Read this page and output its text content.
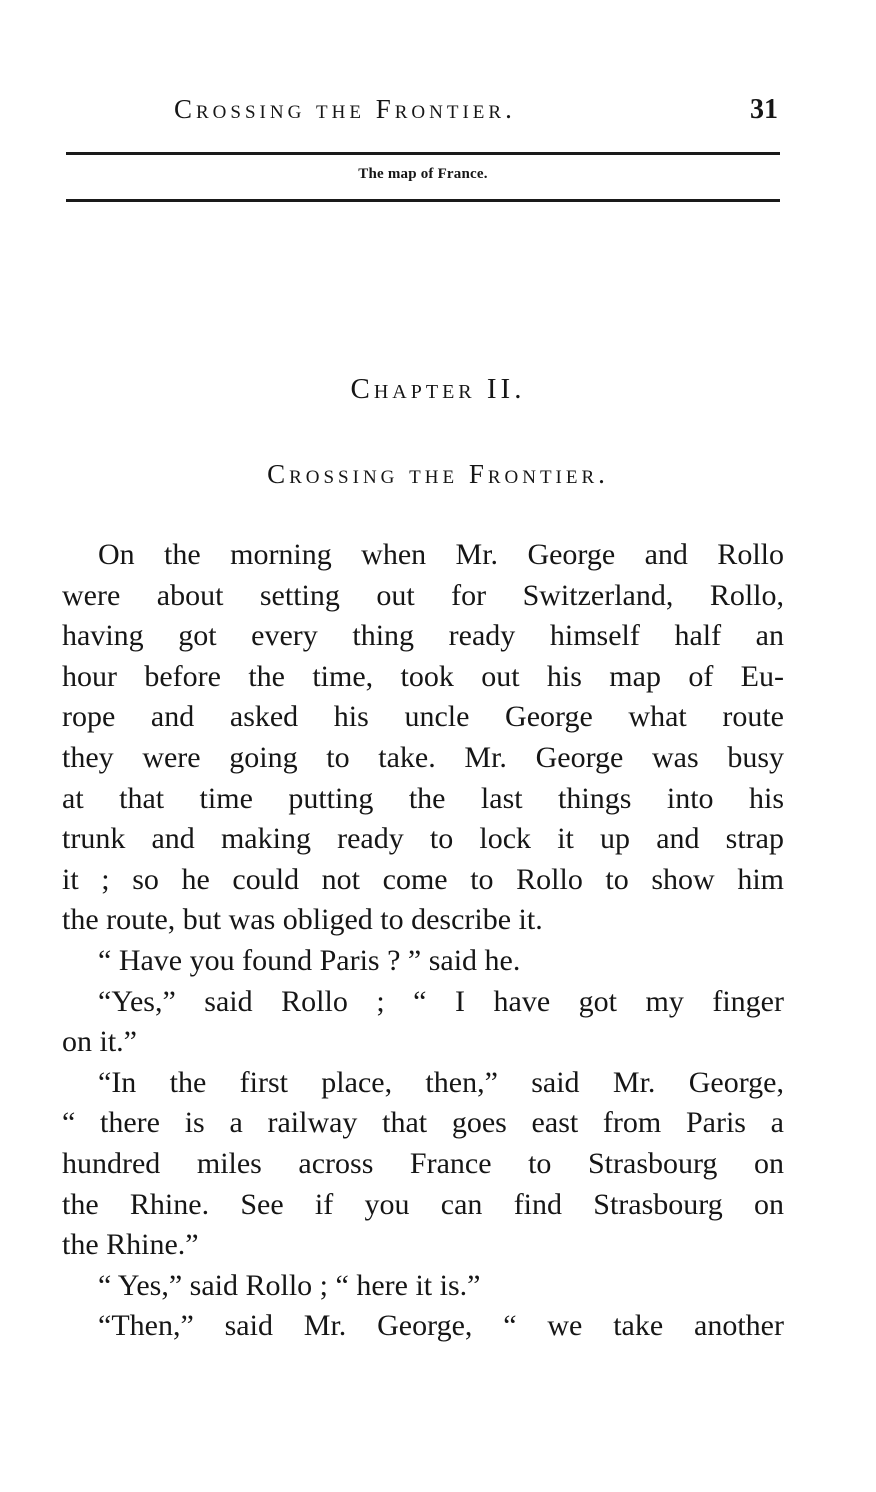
Crossing the Frontier.	31
The map of France.
Chapter II.
Crossing the Frontier.
On the morning when Mr. George and Rollo
were about setting out for Switzerland, Rollo,
having got every thing ready himself half an
hour before the time, took out his map of Eu-
rope and asked his uncle George what route
they were going to take. Mr. George was busy
at that time putting the last things into his
trunk and making ready to lock it up and strap
it ; so he could not come to Rollo to show him
the route, but was obliged to describe it.
“ Have you found Paris ? ” said he.
“Yes,” said Rollo ; “ I have got my finger
on it.”
“In the first place, then,” said Mr. George,
“ there is a railway that goes east from Paris a
hundred miles across France to Strasbourg on
the Rhine. See if you can find Strasbourg on
the Rhine.”
“ Yes,” said Rollo ; “ here it is.”
“Then,” said Mr. George, “ we take another
